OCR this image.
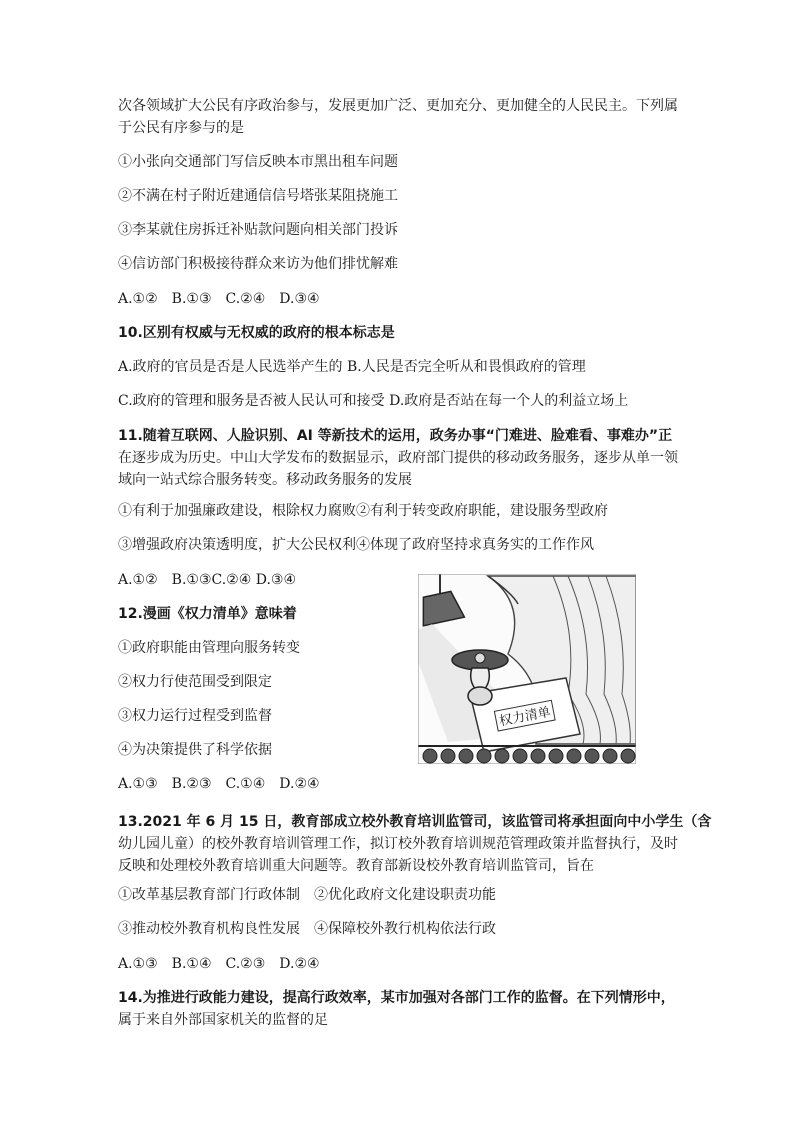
次各领域扩大公民有序政治参与，发展更加广泛、更加充分、更加健全的人民民主。下列属
于公民有序参与的是
①小张向交通部门写信反映本市黑出租车问题
②不满在村子附近建通信信号塔张某阻挠施工
③李某就住房拆迁补贴款问题向相关部门投诉
④信访部门积极接待群众来访为他们排忧解难
A.①②　B.①③　C.②④　D.③④
10.区别有权威与无权威的政府的根本标志是
A.政府的官员是否是人民选举产生的 B.人民是否完全听从和畏惧政府的管理
C.政府的管理和服务是否被人民认可和接受 D.政府是否站在每一个人的利益立场上
11.随着互联网、人脸识别、AI 等新技术的运用，政务办事“门难进、脸难看、事难办”正
在逐步成为历史。中山大学发布的数据显示，政府部门提供的移动政务服务，逐步从单一领
域向一站式综合服务转变。移动政务服务的发展
①有利于加强廉政建设，根除权力腐败②有利于转变政府职能，建设服务型政府
③增强政府决策透明度，扩大公民权利④体现了政府坚持求真务实的工作作风
A.①②　B.①③C.②④ D.③④
12.漫画《权力清单》意味着
①政府职能由管理向服务转变
②权力行使范围受到限定
③权力运行过程受到监督
④为决策提供了科学依据
A.①③　B.②③　C.①④　D.②④
权力清单
13.2021 年 6 月 15 日，教育部成立校外教育培训监管司，该监管司将承担面向中小学生（含
幼儿园儿童）的校外教育培训管理工作，拟订校外教育培训规范管理政策并监督执行，及时
反映和处理校外教育培训重大问题等。教育部新设校外教育培训监管司，旨在
①改革基层教育部门行政体制　②优化政府文化建设职责功能
③推动校外教育机构良性发展　④保障校外教行机构依法行政
A.①③　B.①④　C.②③　D.②④
14.为推进行政能力建设，提高行政效率，某市加强对各部门工作的监督。在下列情形中，
属于来自外部国家机关的监督的足
